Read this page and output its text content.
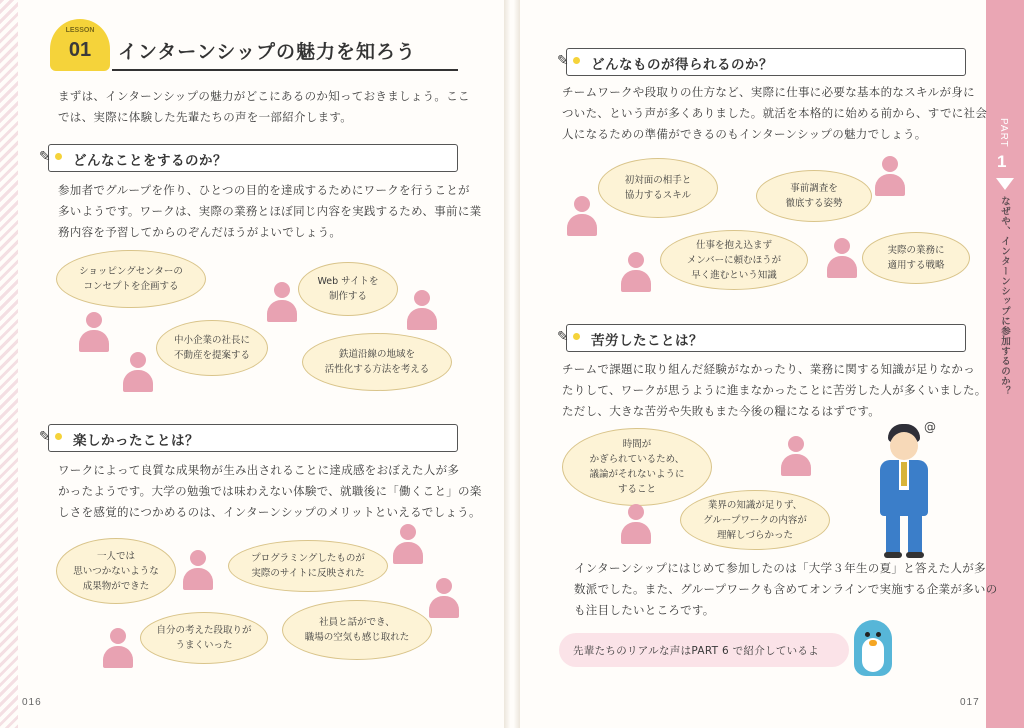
PART
1
なぜや、インターンシップに参加するのか？
LESSON
01	インターンシップの魅力を知ろう
まずは、インターンシップの魅力がどこにあるのか知っておきましょう。ここ
では、実際に体験した先輩たちの声を一部紹介します。
✎ どんなことをするのか？
参加者でグループを作り、ひとつの目的を達成するためにワークを行うことが
多いようです。ワークは、実際の業務とほぼ同じ内容を実践するため、事前に業
務内容を予習してからのぞんだほうがよいでしょう。
ショッピングセンターの
コンセプトを企画する	Web サイトを
制作する
中小企業の社長に
不動産を提案する	鉄道沿線の地域を
活性化する方法を考える
✎ 楽しかったことは？
ワークによって良質な成果物が生み出されることに達成感をおぼえた人が多
かったようです。大学の勉強では味わえない体験で、就職後に「働くこと」の楽
しさを感覚的につかめるのは、インターンシップのメリットといえるでしょう。
一人では
思いつかないような
成果物ができた
プログラミングしたものが
実際のサイトに反映された
自分の考えた段取りが
うまくいった
社員と話ができ、
職場の空気も感じ取れた
016
✎ どんなものが得られるのか？
チームワークや段取りの仕方など、実際に仕事に必要な基本的なスキルが身に
ついた、という声が多くありました。就活を本格的に始める前から、すでに社会
人になるための準備ができるのもインターンシップの魅力でしょう。
初対面の相手と
協力するスキル
事前調査を
徹底する姿勢
仕事を抱え込まず
メンバーに頼むほうが
早く進むという知識
実際の業務に
適用する戦略
✎ 苦労したことは？
チームで課題に取り組んだ経験がなかったり、業務に関する知識が足りなかっ
たりして、ワークが思うように進まなかったことに苦労した人が多くいました。
ただし、大きな苦労や失敗もまた今後の糧になるはずです。
時間が
かぎられているため、
議論がそれないように
すること
業界の知識が足りず、
グループワークの内容が
理解しづらかった
@
インターンシップにはじめて参加したのは「大学３年生の夏」と答えた人が多
数派でした。また、グループワークも含めてオンラインで実施する企業が多いの
も注目したいところです。
先輩たちのリアルな声はPART 6 で紹介しているよ
017
